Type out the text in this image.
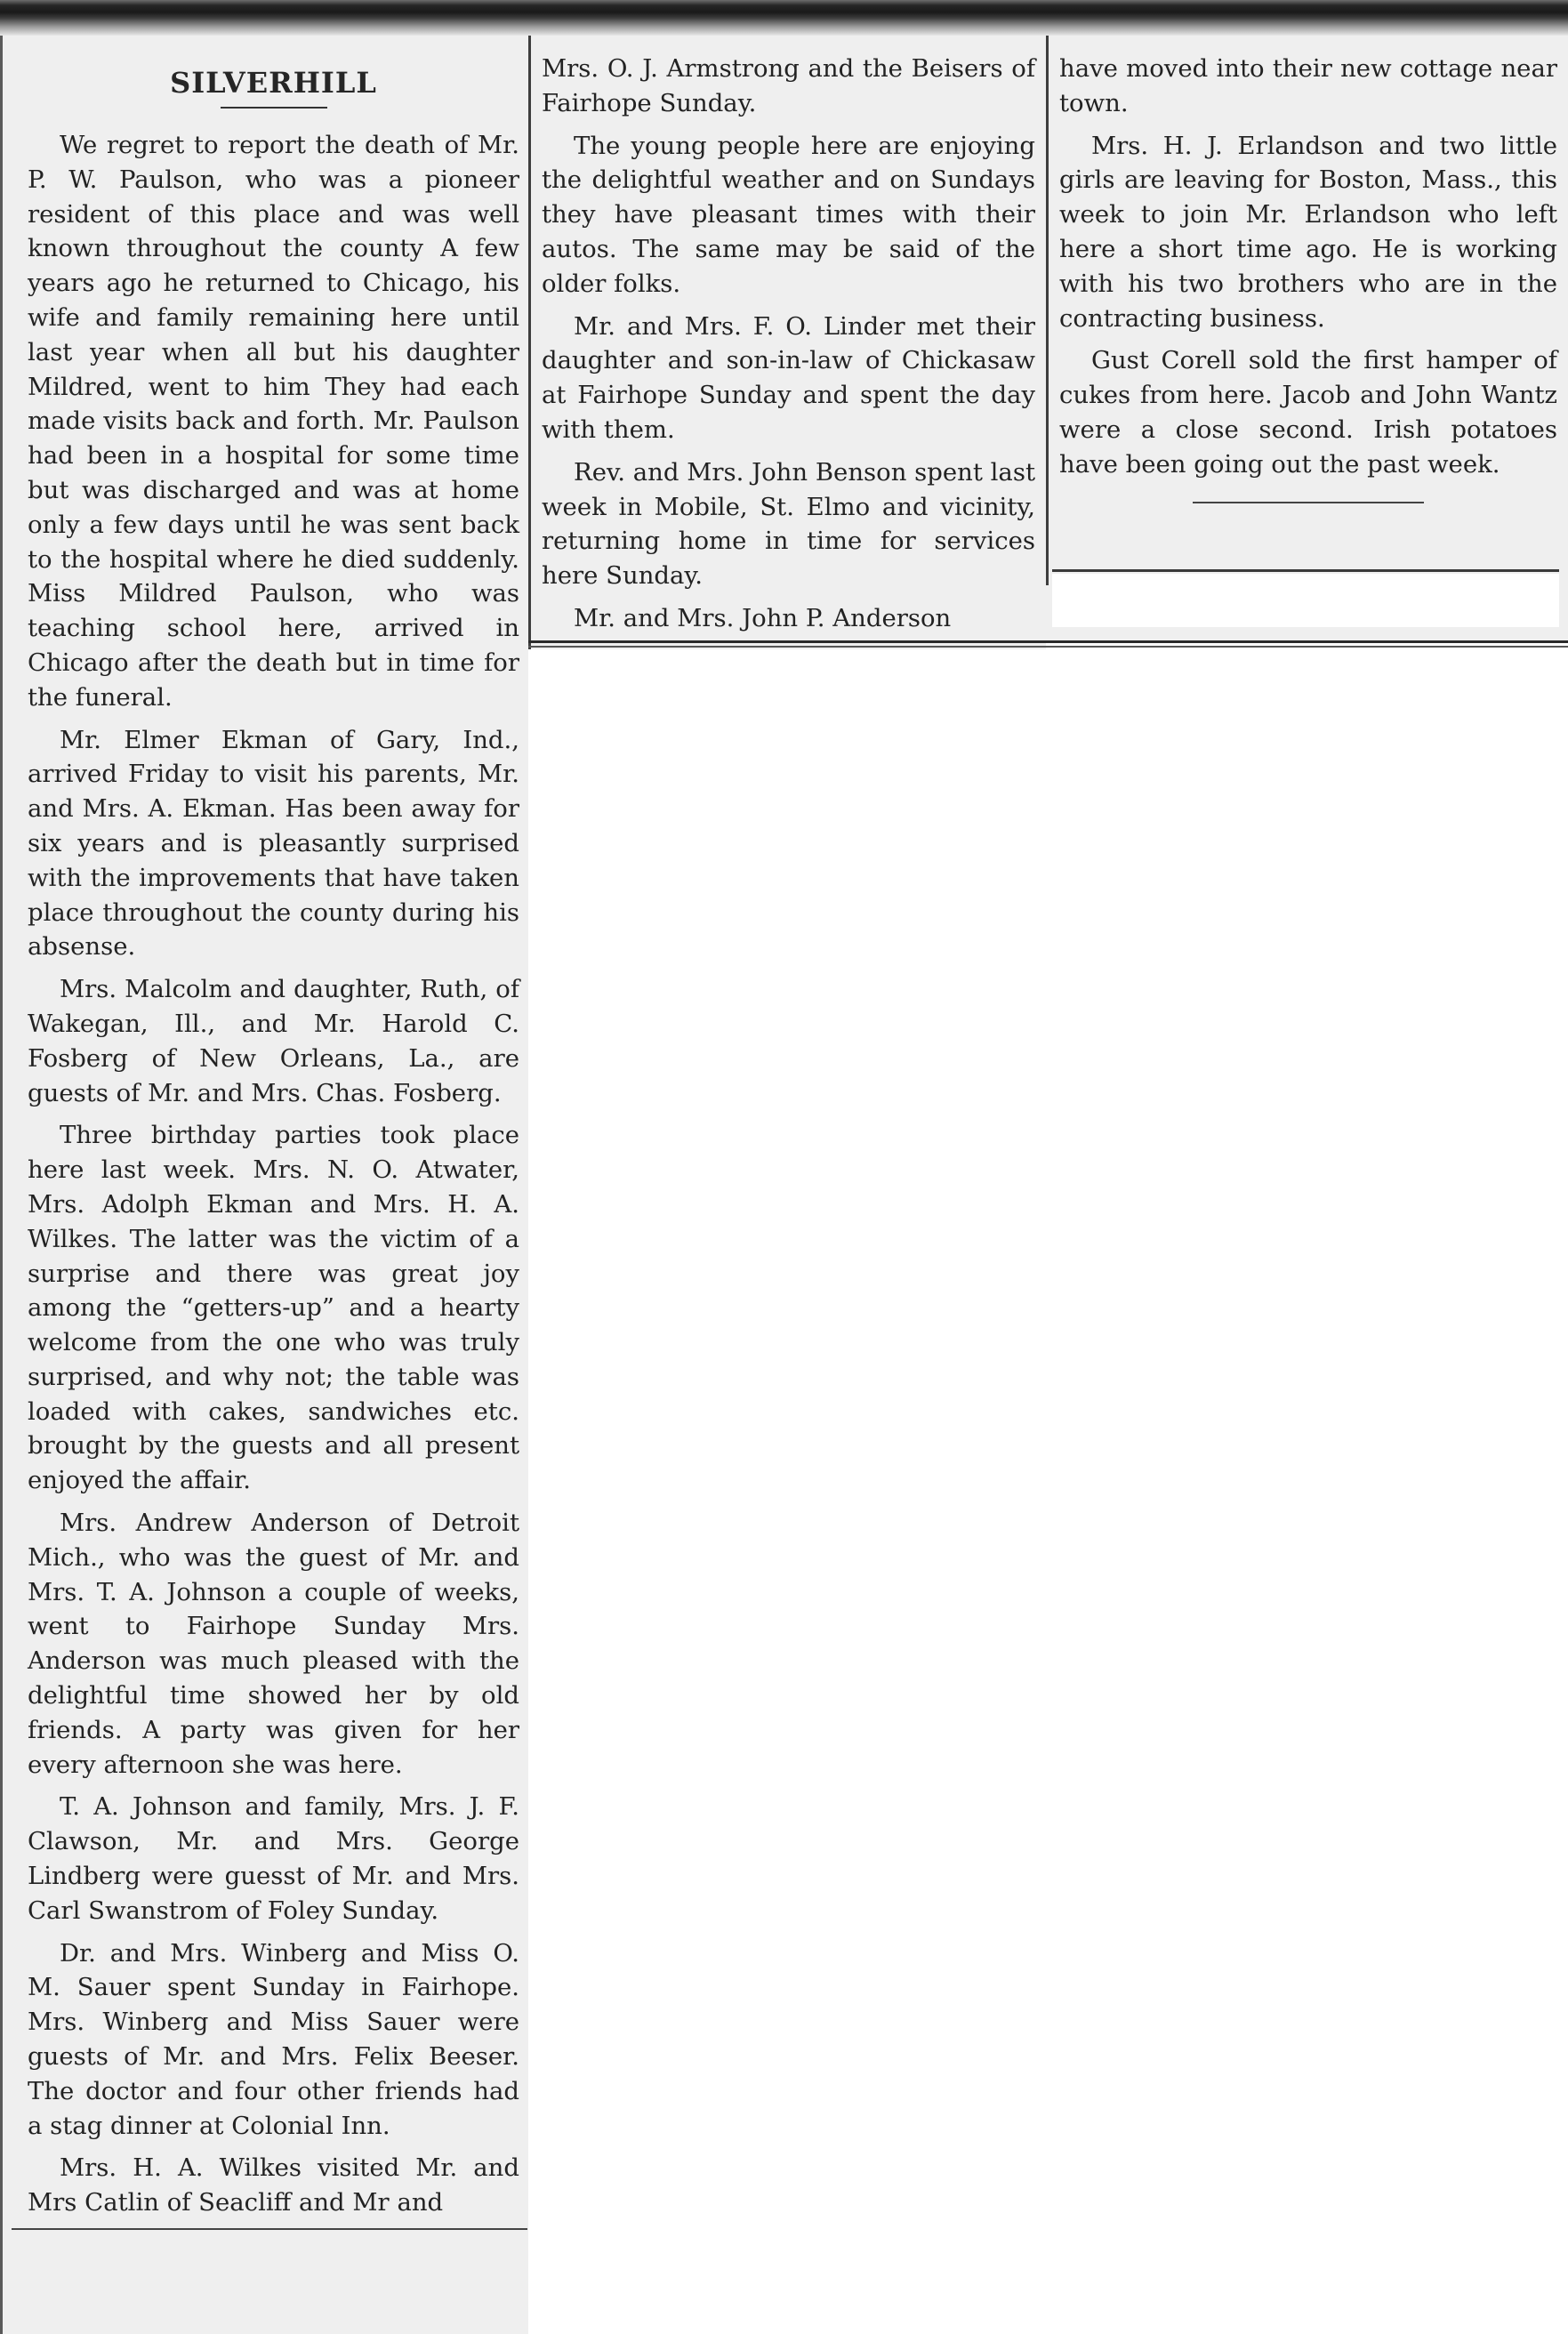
SILVERHILL

We regret to report the death of Mr. P. W. Paulson, who was a pioneer resident of this place and was well known throughout the county A few years ago he returned to Chicago, his wife and family remaining here until last year when all but his daughter Mildred, went to him They had each made visits back and forth. Mr. Paulson had been in a hospital for some time but was discharged and was at home only a few days until he was sent back to the hospital where he died suddenly. Miss Mildred Paulson, who was teaching school here, arrived in Chicago after the death but in time for the funeral.

Mr. Elmer Ekman of Gary, Ind., arrived Friday to visit his parents, Mr. and Mrs. A. Ekman. Has been away for six years and is pleasantly surprised with the improvements that have taken place throughout the county during his absense.

Mrs. Malcolm and daughter, Ruth, of Wakegan, Ill., and Mr. Harold C. Fosberg of New Orleans, La., are guests of Mr. and Mrs. Chas. Fosberg.

Three birthday parties took place here last week. Mrs. N. O. Atwater, Mrs. Adolph Ekman and Mrs. H. A. Wilkes. The latter was the victim of a surprise and there was great joy among the “getters-up” and a hearty welcome from the one who was truly surprised, and why not; the table was loaded with cakes, sandwiches etc. brought by the guests and all present enjoyed the affair.

Mrs. Andrew Anderson of Detroit Mich., who was the guest of Mr. and Mrs. T. A. Johnson a couple of weeks, went to Fairhope Sunday Mrs. Anderson was much pleased with the delightful time showed her by old friends. A party was given for her every afternoon she was here.

T. A. Johnson and family, Mrs. J. F. Clawson, Mr. and Mrs. George Lindberg were guesst of Mr. and Mrs. Carl Swanstrom of Foley Sunday.

Dr. and Mrs. Winberg and Miss O. M. Sauer spent Sunday in Fairhope. Mrs. Winberg and Miss Sauer were guests of Mr. and Mrs. Felix Beeser. The doctor and four other friends had a stag dinner at Colonial Inn.

Mrs. H. A. Wilkes visited Mr. and Mrs Catlin of Seacliff and Mr and

Mrs. O. J. Armstrong and the Beisers of Fairhope Sunday.

The young people here are enjoying the delightful weather and on Sundays they have pleasant times with their autos. The same may be said of the older folks.

Mr. and Mrs. F. O. Linder met their daughter and son-in-law of Chickasaw at Fairhope Sunday and spent the day with them.

Rev. and Mrs. John Benson spent last week in Mobile, St. Elmo and vicinity, returning home in time for services here Sunday.

Mr. and Mrs. John P. Anderson

have moved into their new cottage near town.

Mrs. H. J. Erlandson and two little girls are leaving for Boston, Mass., this week to join Mr. Erlandson who left here a short time ago. He is working with his two brothers who are in the contracting business.

Gust Corell sold the first hamper of cukes from here. Jacob and John Wantz were a close second. Irish potatoes have been going out the past week.
